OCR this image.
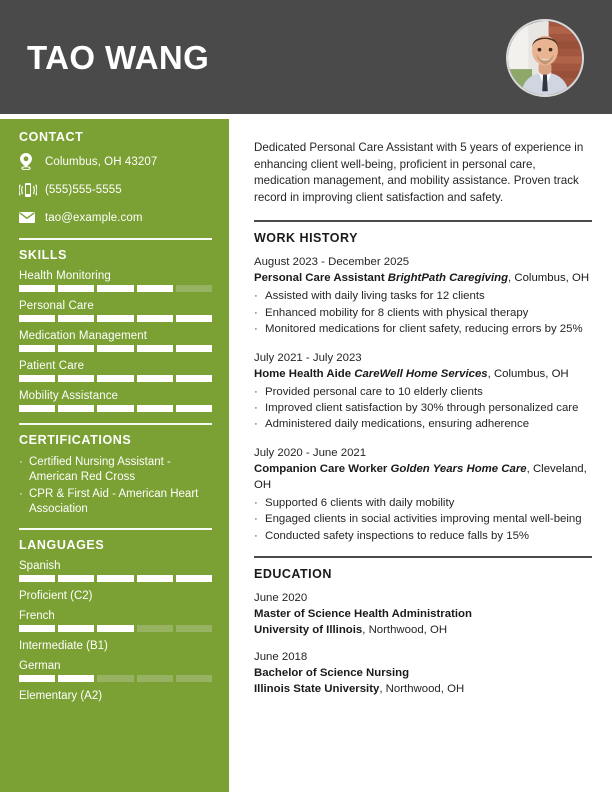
TAO WANG
CONTACT
Columbus, OH 43207
(555)555-5555
tao@example.com
SKILLS
Health Monitoring
Personal Care
Medication Management
Patient Care
Mobility Assistance
CERTIFICATIONS
· Certified Nursing Assistant - American Red Cross
· CPR & First Aid - American Heart Association
LANGUAGES
Spanish
Proficient (C2)
French
Intermediate (B1)
German
Elementary (A2)
Dedicated Personal Care Assistant with 5 years of experience in enhancing client well-being, proficient in personal care, medication management, and mobility assistance. Proven track record in improving client satisfaction and safety.
WORK HISTORY
August 2023 - December 2025
Personal Care Assistant BrightPath Caregiving, Columbus, OH
· Assisted with daily living tasks for 12 clients
· Enhanced mobility for 8 clients with physical therapy
· Monitored medications for client safety, reducing errors by 25%
July 2021 - July 2023
Home Health Aide CareWell Home Services, Columbus, OH
· Provided personal care to 10 elderly clients
· Improved client satisfaction by 30% through personalized care
· Administered daily medications, ensuring adherence
July 2020 - June 2021
Companion Care Worker Golden Years Home Care, Cleveland, OH
· Supported 6 clients with daily mobility
· Engaged clients in social activities improving mental well-being
· Conducted safety inspections to reduce falls by 15%
EDUCATION
June 2020
Master of Science Health Administration
University of Illinois, Northwood, OH
June 2018
Bachelor of Science Nursing
Illinois State University, Northwood, OH
